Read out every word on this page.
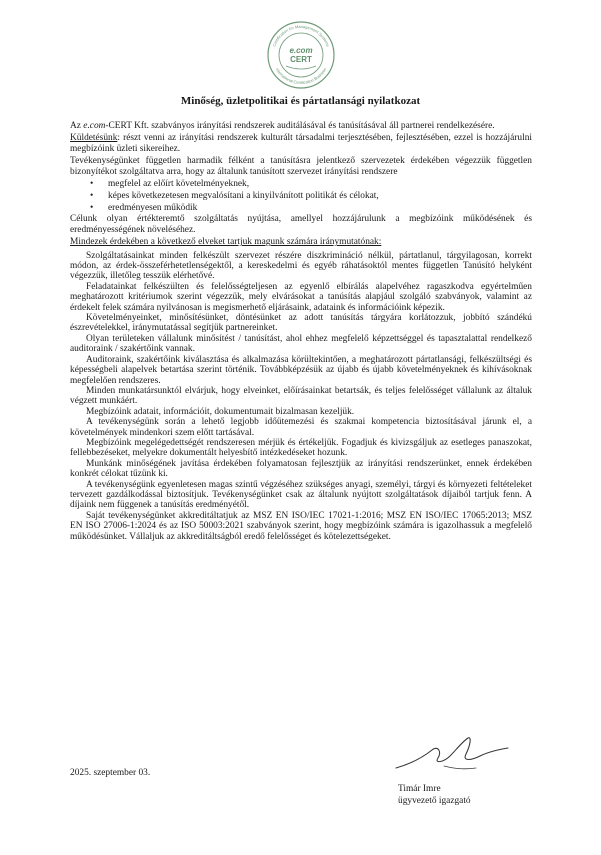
Certification for Management Systems
International Certification Business
e.com
CERT
Minőség, üzletpolitikai és pártatlansági nyilatkozat

Az e.com-CERT Kft. szabványos irányítási rendszerek auditálásával és tanúsításával áll partnerei rendelkezésére.

Küldetésünk: részt venni az irányítási rendszerek kulturált társadalmi terjesztésében, fejlesztésében, ezzel is hozzájárulni megbízóink üzleti sikereihez.

Tevékenységünket független harmadik félként a tanúsításra jelentkező szervezetek érdekében végezzük független bizonyítékot szolgáltatva arra, hogy az általunk tanúsított szervezet irányítási rendszere

• megfelel az előírt követelményeknek,
• képes következetesen megvalósítani a kinyilvánított politikát és célokat,
• eredményesen működik

Célunk olyan értékteremtő szolgáltatás nyújtása, amellyel hozzájárulunk a megbízóink működésének és eredményességének növeléséhez.

Mindezek érdekében a következő elveket tartjuk magunk számára iránymutatónak:

Szolgáltatásainkat minden felkészült szervezet részére diszkrimináció nélkül, pártatlanul, tárgyilagosan, korrekt módon, az érdek-összeférhetetlenségektől, a kereskedelmi és egyéb ráhatásoktól mentes független Tanúsító helyként végezzük, illetőleg tesszük elérhetővé.

Feladatainkat felkészülten és felelősségteljesen az egyenlő elbírálás alapelvéhez ragaszkodva egyértelműen meghatározott kritériumok szerint végezzük, mely elvárásokat a tanúsítás alapjául szolgáló szabványok, valamint az érdekelt felek számára nyilvánosan is megismerhető eljárásaink, adataink és információink képezik.

Követelményeinket, minősítésünket, döntésünket az adott tanúsítás tárgyára korlátozzuk, jobbító szándékú észrevételekkel, iránymutatással segítjük partnereinket.

Olyan területeken vállalunk minősítést / tanúsítást, ahol ehhez megfelelő képzettséggel és tapasztalattal rendelkező auditoraink / szakértőink vannak.

Auditoraink, szakértőink kiválasztása és alkalmazása körültekintően, a meghatározott pártatlansági, felkészültségi és képességbeli alapelvek betartása szerint történik. Továbbképzésük az újabb és újabb követelményeknek és kihívásoknak megfelelően rendszeres.

Minden munkatársunktól elvárjuk, hogy elveinket, előírásainkat betartsák, és teljes felelősséget vállalunk az általuk végzett munkáért.

Megbízóink adatait, információit, dokumentumait bizalmasan kezeljük.

A tevékenységünk során a lehető legjobb időütemezési és szakmai kompetencia biztosításával járunk el, a követelmények mindenkori szem előtt tartásával.

Megbízóink megelégedettségét rendszeresen mérjük és értékeljük. Fogadjuk és kivizsgáljuk az esetleges panaszokat, fellebbezéseket, melyekre dokumentált helyesbítő intézkedéseket hozunk.

Munkánk minőségének javítása érdekében folyamatosan fejlesztjük az irányítási rendszerünket, ennek érdekében konkrét célokat tűzünk ki.

A tevékenységünk egyenletesen magas szintű végzéséhez szükséges anyagi, személyi, tárgyi és környezeti feltételeket tervezett gazdálkodással biztosítjuk. Tevékenységünket csak az általunk nyújtott szolgáltatások díjaiból tartjuk fenn. A díjaink nem függenek a tanúsítás eredményétől.

Saját tevékenységünket akkreditáltatjuk az MSZ EN ISO/IEC 17021-1:2016; MSZ EN ISO/IEC 17065:2013; MSZ EN ISO 27006-1:2024 és az ISO 50003:2021 szabványok szerint, hogy megbízóink számára is igazolhassuk a megfelelő működésünket. Vállaljuk az akkreditáltságból eredő felelősséget és kötelezettségeket.

2025. szeptember 03.
Timár Imre
ügyvezető igazgató
